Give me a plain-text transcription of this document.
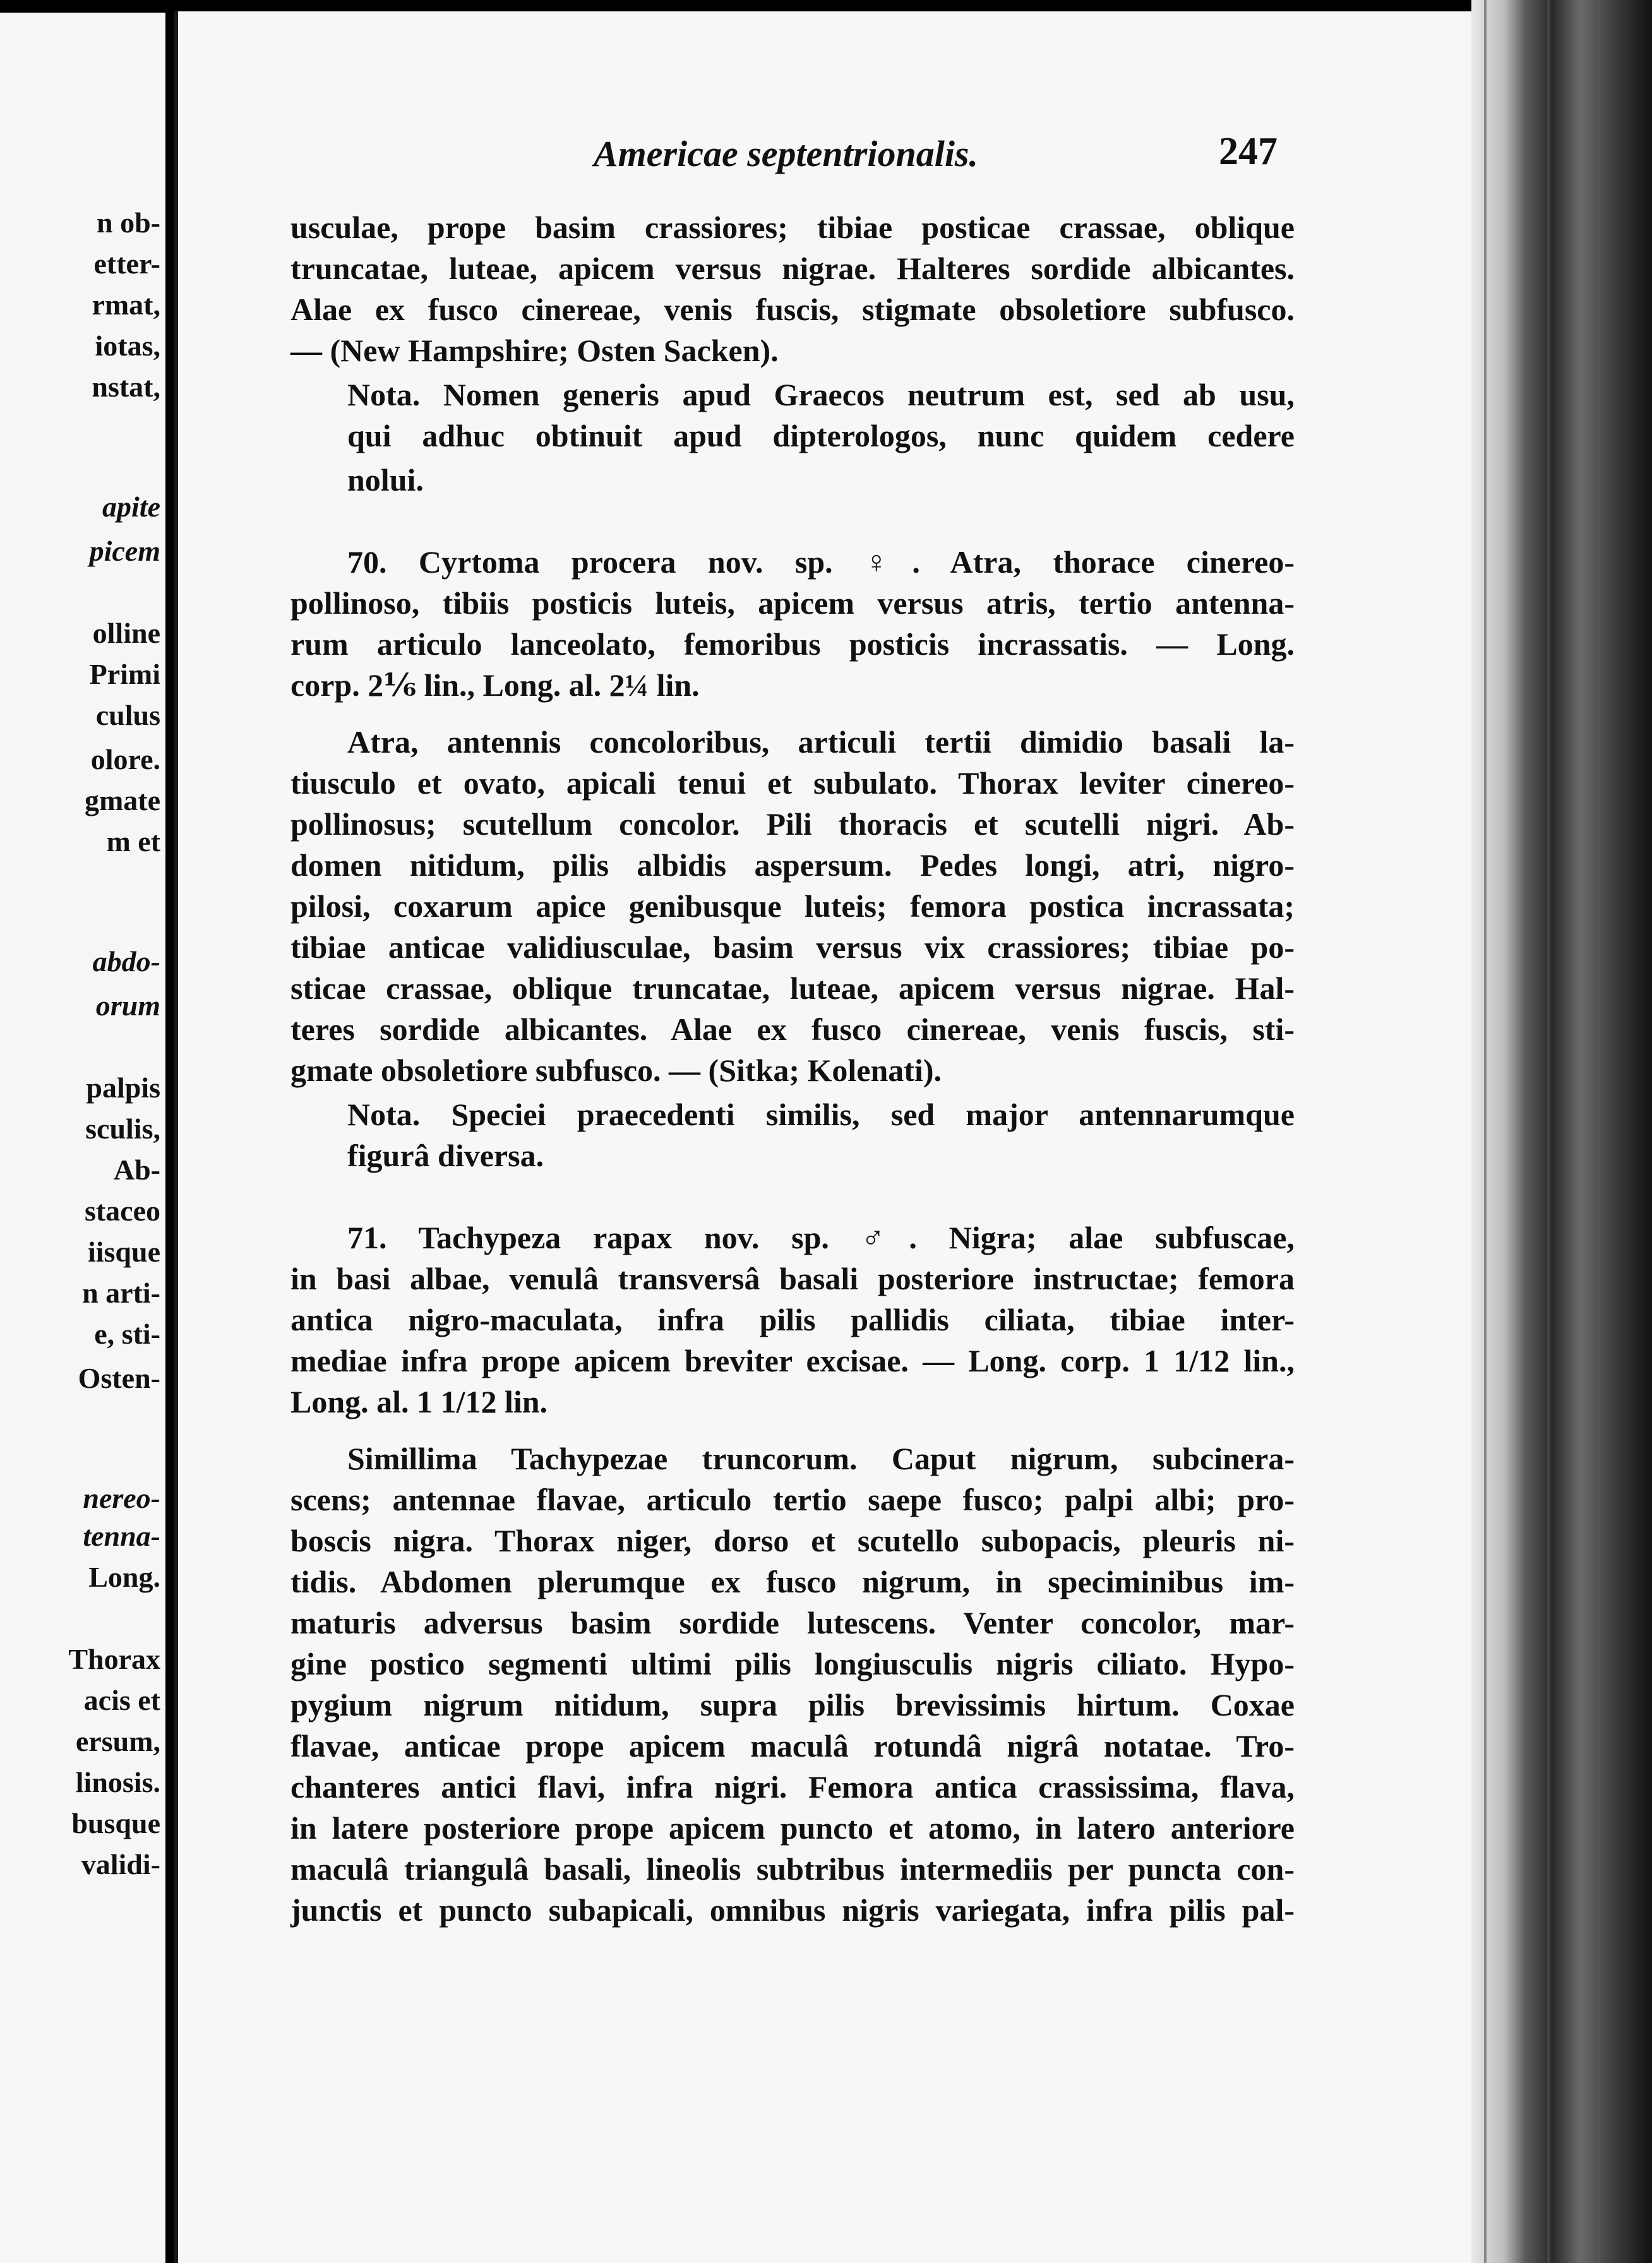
n ob-
etter-
rmat,
iotas,
nstat,
apite
picem
olline
Primi
culus
olore.
gmate
m et
abdo-
orum
palpis
sculis,
Ab-
staceo
iisque
n arti-
e, sti-
Osten-
nereo-
tenna-
Long.
Thorax
acis et
ersum,
linosis.
busque
validi-
Americae septentrionalis.	247
usculae, prope basim crassiores; tibiae posticae crassae, oblique
truncatae, luteae, apicem versus nigrae. Halteres sordide albicantes.
Alae ex fusco cinereae, venis fuscis, stigmate obsoletiore subfusco.
— (New Hampshire; Osten Sacken).
Nota. Nomen generis apud Graecos neutrum est, sed ab usu,
qui adhuc obtinuit apud dipterologos, nunc quidem cedere
nolui.
70. Cyrtoma procera nov. sp. ♀. Atra, thorace cinereo-
pollinoso, tibiis posticis luteis, apicem versus atris, tertio antenna-
rum articulo lanceolato, femoribus posticis incrassatis. — Long.
corp. 2⅙ lin., Long. al. 2¼ lin.
Atra, antennis concoloribus, articuli tertii dimidio basali la-
tiusculo et ovato, apicali tenui et subulato. Thorax leviter cinereo-
pollinosus; scutellum concolor. Pili thoracis et scutelli nigri. Ab-
domen nitidum, pilis albidis aspersum. Pedes longi, atri, nigro-
pilosi, coxarum apice genibusque luteis; femora postica incrassata;
tibiae anticae validiusculae, basim versus vix crassiores; tibiae po-
sticae crassae, oblique truncatae, luteae, apicem versus nigrae. Hal-
teres sordide albicantes. Alae ex fusco cinereae, venis fuscis, sti-
gmate obsoletiore subfusco. — (Sitka; Kolenati).
Nota. Speciei praecedenti similis, sed major antennarumque
figurâ diversa.
71. Tachypeza rapax nov. sp. ♂. Nigra; alae subfuscae,
in basi albae, venulâ transversâ basali posteriore instructae; femora
antica nigro-maculata, infra pilis pallidis ciliata, tibiae inter-
mediae infra prope apicem breviter excisae. — Long. corp. 1 1/12 lin.,
Long. al. 1 1/12 lin.
Simillima Tachypezae truncorum. Caput nigrum, subcinera-
scens; antennae flavae, articulo tertio saepe fusco; palpi albi; pro-
boscis nigra. Thorax niger, dorso et scutello subopacis, pleuris ni-
tidis. Abdomen plerumque ex fusco nigrum, in speciminibus im-
maturis adversus basim sordide lutescens. Venter concolor, mar-
gine postico segmenti ultimi pilis longiusculis nigris ciliato. Hypo-
pygium nigrum nitidum, supra pilis brevissimis hirtum. Coxae
flavae, anticae prope apicem maculâ rotundâ nigrâ notatae. Tro-
chanteres antici flavi, infra nigri. Femora antica crassissima, flava,
in latere posteriore prope apicem puncto et atomo, in latero anteriore
maculâ triangulâ basali, lineolis subtribus intermediis per puncta con-
junctis et puncto subapicali, omnibus nigris variegata, infra pilis pal-
